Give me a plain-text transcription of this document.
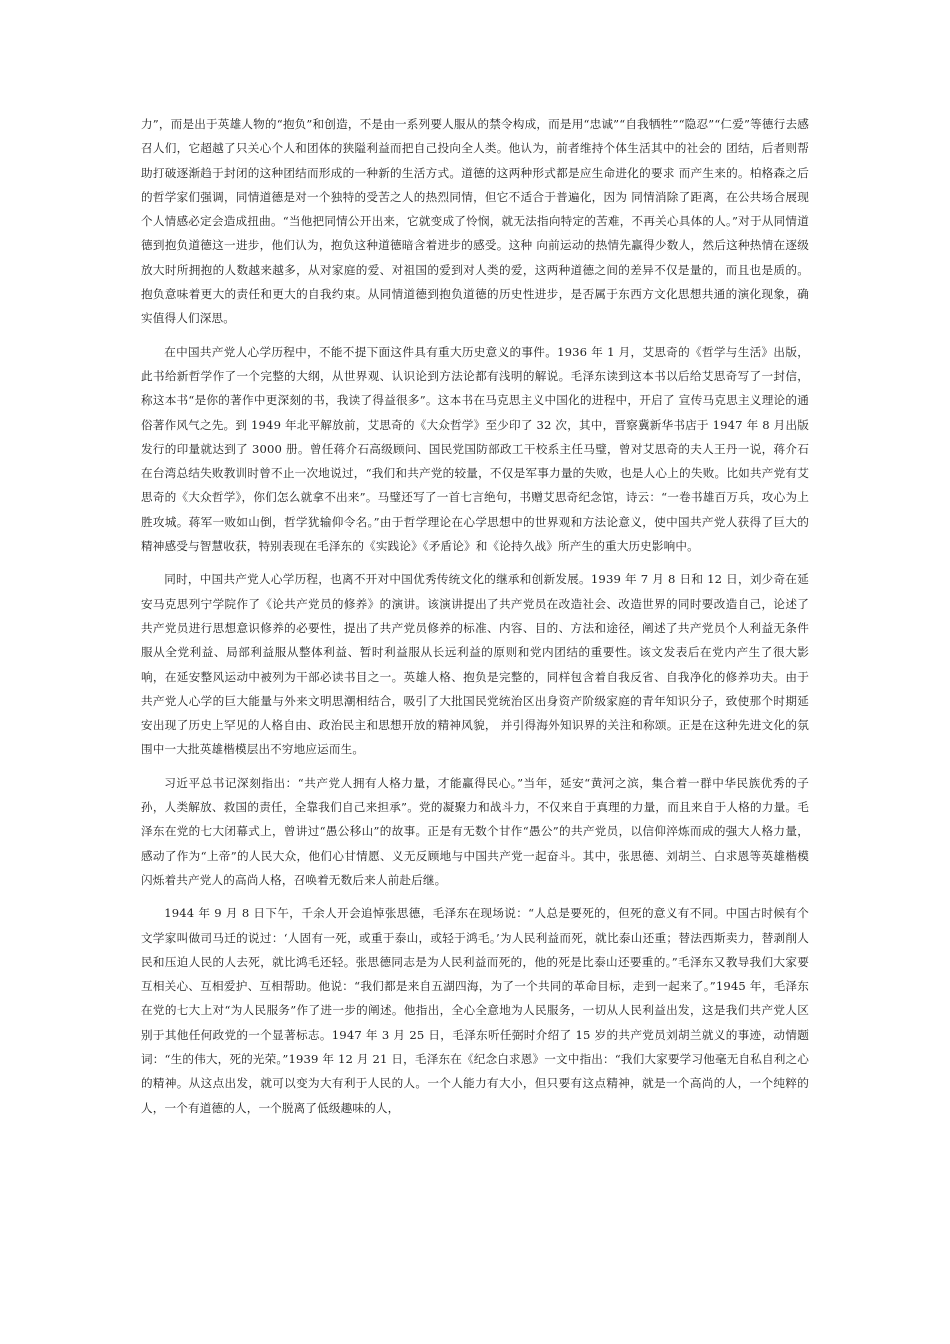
力”，而是出于英雄人物的“抱负”和创造，不是由一系列要人服从的禁令构成，而是用“忠诚”“自我牺牲”“隐忍”“仁爱”等德行去感召人们，它超越了只关心个人和团体的狭隘利益而把自己投向全人类。他认为，前者维持个体生活其中的社会的 团结，后者则帮助打破逐渐趋于封闭的这种团结而形成的一种新的生活方式。道德的这两种形式都是应生命进化的要求 而产生来的。柏格森之后的哲学家们强调，同情道德是对一个独特的受苦之人的热烈同情，但它不适合于普遍化，因为 同情消除了距离，在公共场合展现个人情感必定会造成扭曲。“当他把同情公开出来，它就变成了怜悯，就无法指向特定的苦难，不再关心具体的人。”对于从同情道德到抱负道德这一进步，他们认为，抱负这种道德暗含着进步的感受。这种 向前运动的热情先赢得少数人，然后这种热情在逐级放大时所拥抱的人数越来越多，从对家庭的爱、对祖国的爱到对人类的爱，这两种道德之间的差异不仅是量的，而且也是质的。抱负意味着更大的责任和更大的自我约束。从同情道德到抱负道德的历史性进步，是否属于东西方文化思想共通的演化现象，确实值得人们深思。

在中国共产党人心学历程中，不能不提下面这件具有重大历史意义的事件。1936 年 1 月，艾思奇的《哲学与生活》出版，此书给新哲学作了一个完整的大纲，从世界观、认识论到方法论都有浅明的解说。毛泽东读到这本书以后给艾思奇写了一封信，称这本书“是你的著作中更深刻的书，我读了得益很多”。这本书在马克思主义中国化的进程中，开启了 宣传马克思主义理论的通俗著作风气之先。到 1949 年北平解放前，艾思奇的《大众哲学》至少印了 32 次，其中，晋察冀新华书店于 1947 年 8 月出版发行的印量就达到了 3000 册。曾任蒋介石高级顾问、国民党国防部政工干校系主任马璧，曾对艾思奇的夫人王丹一说，蒋介石在台湾总结失败教训时曾不止一次地说过，“我们和共产党的较量，不仅是军事力量的失败，也是人心上的失败。比如共产党有艾思奇的《大众哲学》，你们怎么就拿不出来”。马璧还写了一首七言绝句，书赠艾思奇纪念馆，诗云：“一卷书雄百万兵，攻心为上胜攻城。蒋军一败如山倒，哲学犹输仰令名。”由于哲学理论在心学思想中的世界观和方法论意义，使中国共产党人获得了巨大的精神感受与智慧收获，特别表现在毛泽东的《实践论》《矛盾论》和《论持久战》所产生的重大历史影响中。

同时，中国共产党人心学历程，也离不开对中国优秀传统文化的继承和创新发展。1939 年 7 月 8 日和 12 日，刘少奇在延安马克思列宁学院作了《论共产党员的修养》的演讲。该演讲提出了共产党员在改造社会、改造世界的同时要改造自己，论述了共产党员进行思想意识修养的必要性，提出了共产党员修养的标准、内容、目的、方法和途径，阐述了共产党员个人利益无条件服从全党利益、局部利益服从整体利益、暂时利益服从长远利益的原则和党内团结的重要性。该文发表后在党内产生了很大影响，在延安整风运动中被列为干部必读书目之一。英雄人格、抱负是完整的，同样包含着自我反省、自我净化的修养功夫。由于共产党人心学的巨大能量与外来文明思潮相结合，吸引了大批国民党统治区出身资产阶级家庭的青年知识分子，致使那个时期延安出现了历史上罕见的人格自由、政治民主和思想开放的精神风貌， 并引得海外知识界的关注和称颂。正是在这种先进文化的氛围中一大批英雄楷模层出不穷地应运而生。

习近平总书记深刻指出：“共产党人拥有人格力量，才能赢得民心。”当年，延安“黄河之滨，集合着一群中华民族优秀的子孙，人类解放、救国的责任，全靠我们自己来担承”。党的凝聚力和战斗力，不仅来自于真理的力量，而且来自于人格的力量。毛泽东在党的七大闭幕式上，曾讲过“愚公移山”的故事。正是有无数个甘作“愚公”的共产党员，以信仰淬炼而成的强大人格力量，感动了作为“上帝”的人民大众，他们心甘情愿、义无反顾地与中国共产党一起奋斗。其中，张思德、刘胡兰、白求恩等英雄楷模闪烁着共产党人的高尚人格，召唤着无数后来人前赴后继。

1944 年 9 月 8 日下午，千余人开会追悼张思德，毛泽东在现场说：“人总是要死的，但死的意义有不同。中国古时候有个文学家叫做司马迁的说过：‘人固有一死，或重于泰山，或轻于鸿毛。’为人民利益而死，就比泰山还重；替法西斯卖力，替剥削人民和压迫人民的人去死，就比鸿毛还轻。张思德同志是为人民利益而死的，他的死是比泰山还要重的。”毛泽东又教导我们大家要互相关心、互相爱护、互相帮助。他说：“我们都是来自五湖四海，为了一个共同的革命目标，走到一起来了。”1945 年，毛泽东在党的七大上对“为人民服务”作了进一步的阐述。他指出，全心全意地为人民服务，一切从人民利益出发，这是我们共产党人区别于其他任何政党的一个显著标志。1947 年 3 月 25 日，毛泽东听任弼时介绍了 15 岁的共产党员刘胡兰就义的事迹，动情题词：“生的伟大，死的光荣。”1939 年 12 月 21 日，毛泽东在《纪念白求恩》一文中指出：“我们大家要学习他毫无自私自利之心的精神。从这点出发，就可以变为大有利于人民的人。一个人能力有大小，但只要有这点精神，就是一个高尚的人，一个纯粹的人，一个有道德的人，一个脱离了低级趣味的人，
